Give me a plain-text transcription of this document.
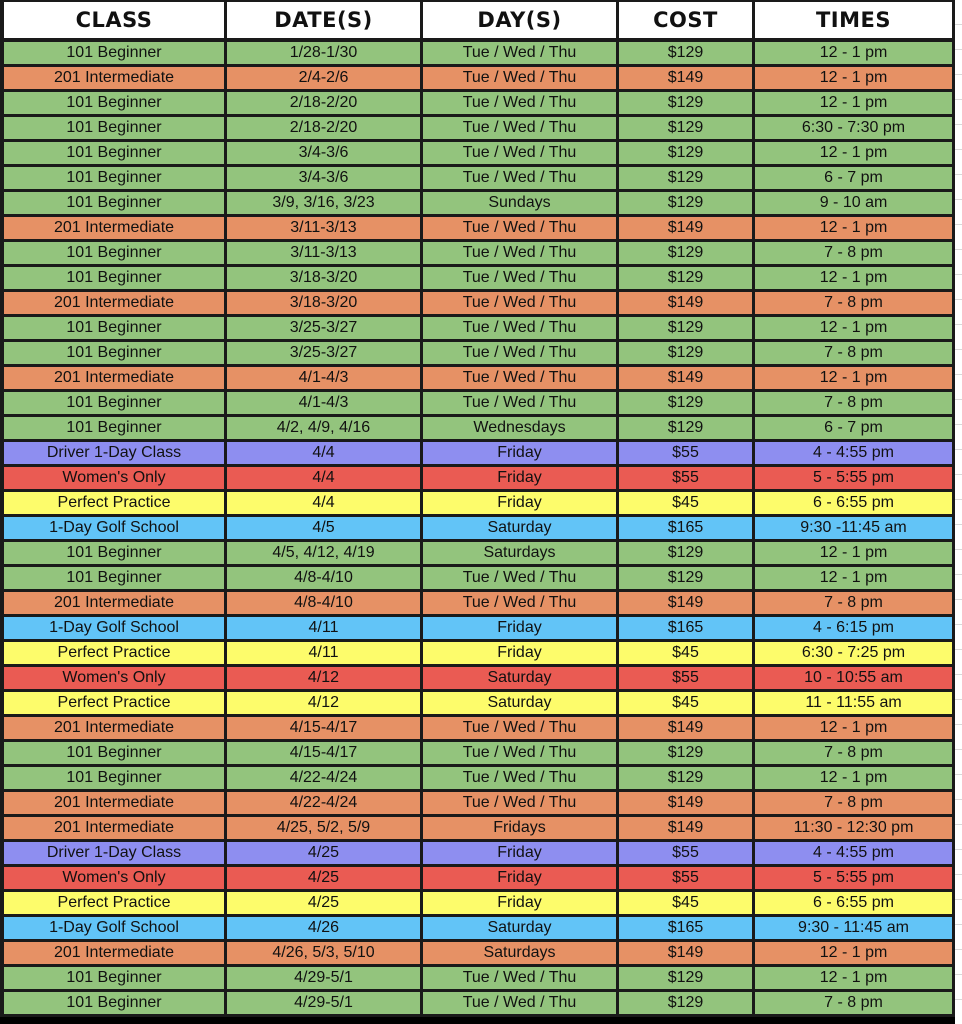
CLASS	DATE(S)	DAY(S)	COST	TIMES
101 Beginner	1/28-1/30	Tue / Wed / Thu	$129	12 - 1 pm
201 Intermediate	2/4-2/6	Tue / Wed / Thu	$149	12 - 1 pm
101 Beginner	2/18-2/20	Tue / Wed / Thu	$129	12 - 1 pm
101 Beginner	2/18-2/20	Tue / Wed / Thu	$129	6:30 - 7:30 pm
101 Beginner	3/4-3/6	Tue / Wed / Thu	$129	12 - 1 pm
101 Beginner	3/4-3/6	Tue / Wed / Thu	$129	6 - 7 pm
101 Beginner	3/9, 3/16, 3/23	Sundays	$129	9 - 10 am
201 Intermediate	3/11-3/13	Tue / Wed / Thu	$149	12 - 1 pm
101 Beginner	3/11-3/13	Tue / Wed / Thu	$129	7 - 8 pm
101 Beginner	3/18-3/20	Tue / Wed / Thu	$129	12 - 1 pm
201 Intermediate	3/18-3/20	Tue / Wed / Thu	$149	7 - 8 pm
101 Beginner	3/25-3/27	Tue / Wed / Thu	$129	12 - 1 pm
101 Beginner	3/25-3/27	Tue / Wed / Thu	$129	7 - 8 pm
201 Intermediate	4/1-4/3	Tue / Wed / Thu	$149	12 - 1 pm
101 Beginner	4/1-4/3	Tue / Wed / Thu	$129	7 - 8 pm
101 Beginner	4/2, 4/9, 4/16	Wednesdays	$129	6 - 7 pm
Driver 1-Day Class	4/4	Friday	$55	4 - 4:55 pm
Women's Only	4/4	Friday	$55	5 - 5:55 pm
Perfect Practice	4/4	Friday	$45	6 - 6:55 pm
1-Day Golf School	4/5	Saturday	$165	9:30 -11:45 am
101 Beginner	4/5, 4/12, 4/19	Saturdays	$129	12 - 1 pm
101 Beginner	4/8-4/10	Tue / Wed / Thu	$129	12 - 1 pm
201 Intermediate	4/8-4/10	Tue / Wed / Thu	$149	7 - 8 pm
1-Day Golf School	4/11	Friday	$165	4 - 6:15 pm
Perfect Practice	4/11	Friday	$45	6:30 - 7:25 pm
Women's Only	4/12	Saturday	$55	10 - 10:55 am
Perfect Practice	4/12	Saturday	$45	11 - 11:55 am
201 Intermediate	4/15-4/17	Tue / Wed / Thu	$149	12 - 1 pm
101 Beginner	4/15-4/17	Tue / Wed / Thu	$129	7 - 8 pm
101 Beginner	4/22-4/24	Tue / Wed / Thu	$129	12 - 1 pm
201 Intermediate	4/22-4/24	Tue / Wed / Thu	$149	7 - 8 pm
201 Intermediate	4/25, 5/2, 5/9	Fridays	$149	11:30 - 12:30 pm
Driver 1-Day Class	4/25	Friday	$55	4 - 4:55 pm
Women's Only	4/25	Friday	$55	5 - 5:55 pm
Perfect Practice	4/25	Friday	$45	6 - 6:55 pm
1-Day Golf School	4/26	Saturday	$165	9:30 - 11:45 am
201 Intermediate	4/26, 5/3, 5/10	Saturdays	$149	12 - 1 pm
101 Beginner	4/29-5/1	Tue / Wed / Thu	$129	12 - 1 pm
101 Beginner	4/29-5/1	Tue / Wed / Thu	$129	7 - 8 pm
